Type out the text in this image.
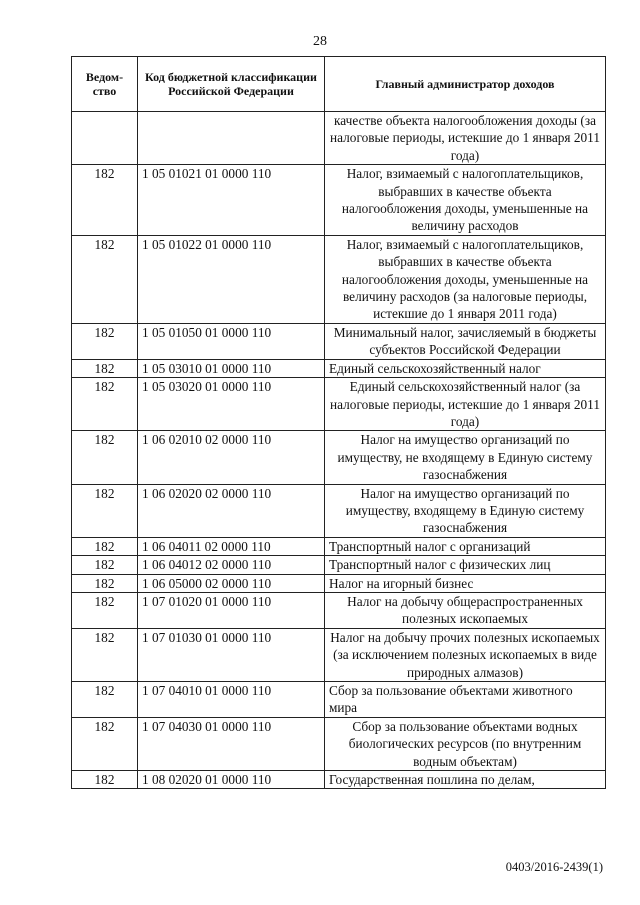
28
Ведом-
ство	Код бюджетной классификации Российской Федерации	Главный администратор доходов
		качестве объекта налогообложения доходы (за налоговые периоды, истекшие до 1 января 2011 года)
182	1 05 01021 01 0000 110	Налог, взимаемый с налогоплательщиков, выбравших в качестве объекта налогообложения доходы, уменьшенные на величину расходов
182	1 05 01022 01 0000 110	Налог, взимаемый с налогоплательщиков, выбравших в качестве объекта налогообложения доходы, уменьшенные на величину расходов (за налоговые периоды, истекшие до 1 января 2011 года)
182	1 05 01050 01 0000 110	Минимальный налог, зачисляемый в бюджеты субъектов Российской Федерации
182	1 05 03010 01 0000 110	Единый сельскохозяйственный налог
182	1 05 03020 01 0000 110	Единый сельскохозяйственный налог (за налоговые периоды, истекшие до 1 января 2011 года)
182	1 06 02010 02 0000 110	Налог на имущество организаций по имуществу, не входящему в Единую систему газоснабжения
182	1 06 02020 02 0000 110	Налог на имущество организаций по имуществу, входящему в Единую систему газоснабжения
182	1 06 04011 02 0000 110	Транспортный налог с организаций
182	1 06 04012 02 0000 110	Транспортный налог с физических лиц
182	1 06 05000 02 0000 110	Налог на игорный бизнес
182	1 07 01020 01 0000 110	Налог на добычу общераспространенных полезных ископаемых
182	1 07 01030 01 0000 110	Налог на добычу прочих полезных ископаемых (за исключением полезных ископаемых в виде природных алмазов)
182	1 07 04010 01 0000 110	Сбор за пользование объектами животного мира
182	1 07 04030 01 0000 110	Сбор за пользование объектами водных биологических ресурсов (по внутренним водным объектам)
182	1 08 02020 01 0000 110	Государственная пошлина по делам,
0403/2016-2439(1)
